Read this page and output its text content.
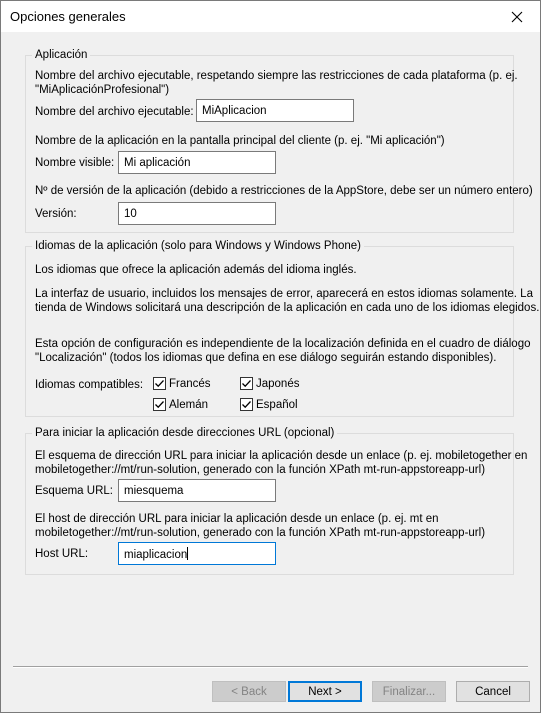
Opciones generales
Aplicación
Nombre del archivo ejecutable, respetando siempre las restricciones de cada plataforma (p. ej.
"MiAplicaciónProfesional")
Nombre del archivo ejecutable: MiAplicacion
Nombre de la aplicación en la pantalla principal del cliente (p. ej. "Mi aplicación")
Nombre visible: Mi aplicación
Nº de versión de la aplicación (debido a restricciones de la AppStore, debe ser un número entero)
Versión:	10
Idiomas de la aplicación (solo para Windows y Windows Phone)
Los idiomas que ofrece la aplicación además del idioma inglés.
La interfaz de usuario, incluidos los mensajes de error, aparecerá en estos idiomas solamente. La
tienda de Windows solicitará una descripción de la aplicación en cada uno de los idiomas elegidos.
Esta opción de configuración es independiente de la localización definida en el cuadro de diálogo
"Localización" (todos los idiomas que defina en ese diálogo seguirán estando disponibles).
Idiomas compatibles: Francés	Japonés
Alemán	Español
Para iniciar la aplicación desde direcciones URL (opcional)
El esquema de dirección URL para iniciar la aplicación desde un enlace (p. ej. mobiletogether en
mobiletogether://mt/run-solution, generado con la función XPath mt-run-appstoreapp-url)
Esquema URL: miesquema
El host de dirección URL para iniciar la aplicación desde un enlace (p. ej. mt en
mobiletogether://mt/run-solution, generado con la función XPath mt-run-appstoreapp-url)
Host URL:	miaplicacion
< Back	Next >	Finalizar...	Cancel
